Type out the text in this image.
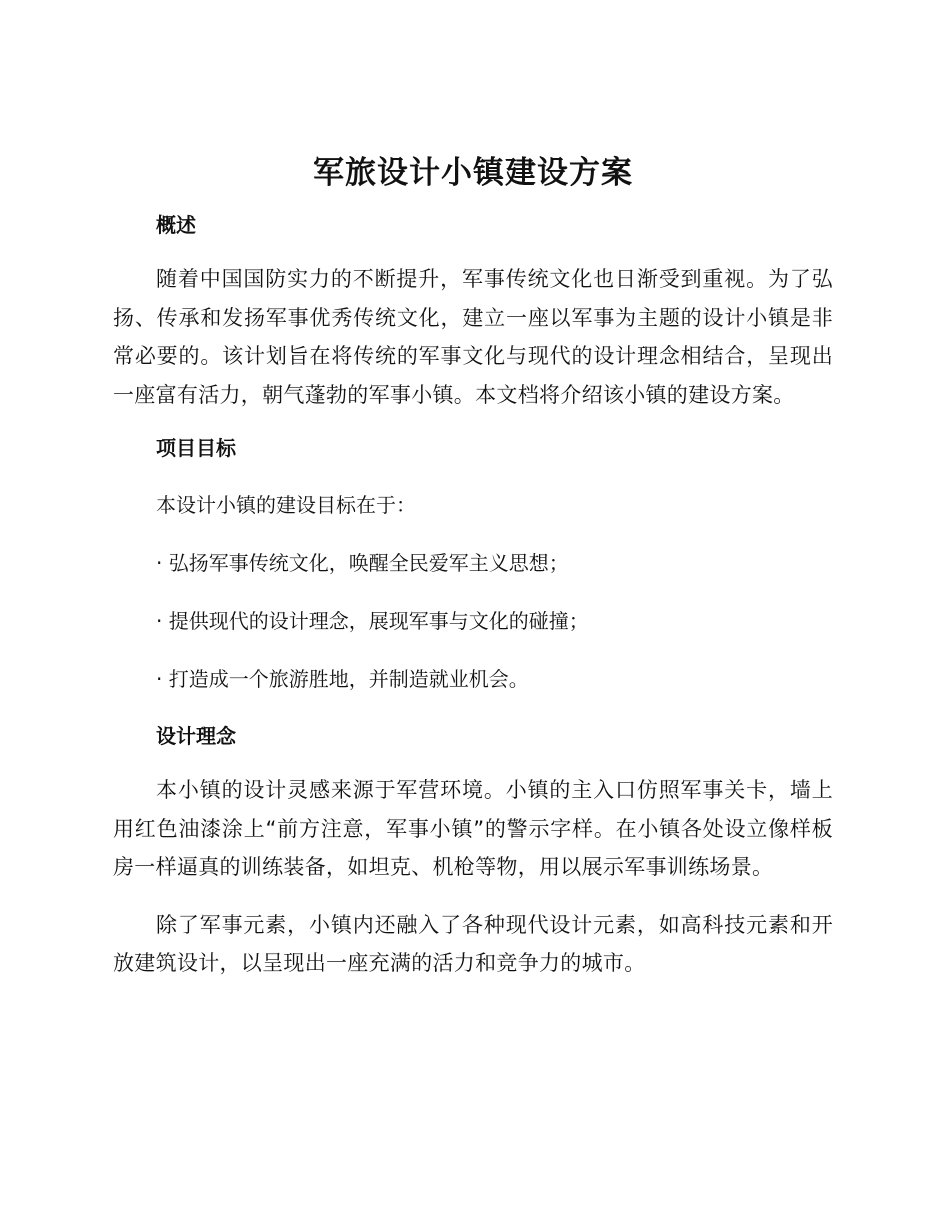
军旅设计小镇建设方案
概述

随着中国国防实力的不断提升，军事传统文化也日渐受到重视。为了弘扬、传承和发扬军事优秀传统文化，建立一座以军事为主题的设计小镇是非常必要的。该计划旨在将传统的军事文化与现代的设计理念相结合，呈现出一座富有活力，朝气蓬勃的军事小镇。本文档将介绍该小镇的建设方案。

项目目标

本设计小镇的建设目标在于：

· 弘扬军事传统文化，唤醒全民爱军主义思想；

· 提供现代的设计理念，展现军事与文化的碰撞；

· 打造成一个旅游胜地，并制造就业机会。

设计理念

本小镇的设计灵感来源于军营环境。小镇的主入口仿照军事关卡，墙上用红色油漆涂上“前方注意，军事小镇”的警示字样。在小镇各处设立像样板房一样逼真的训练装备，如坦克、机枪等物，用以展示军事训练场景。

除了军事元素，小镇内还融入了各种现代设计元素，如高科技元素和开放建筑设计，以呈现出一座充满的活力和竞争力的城市。
